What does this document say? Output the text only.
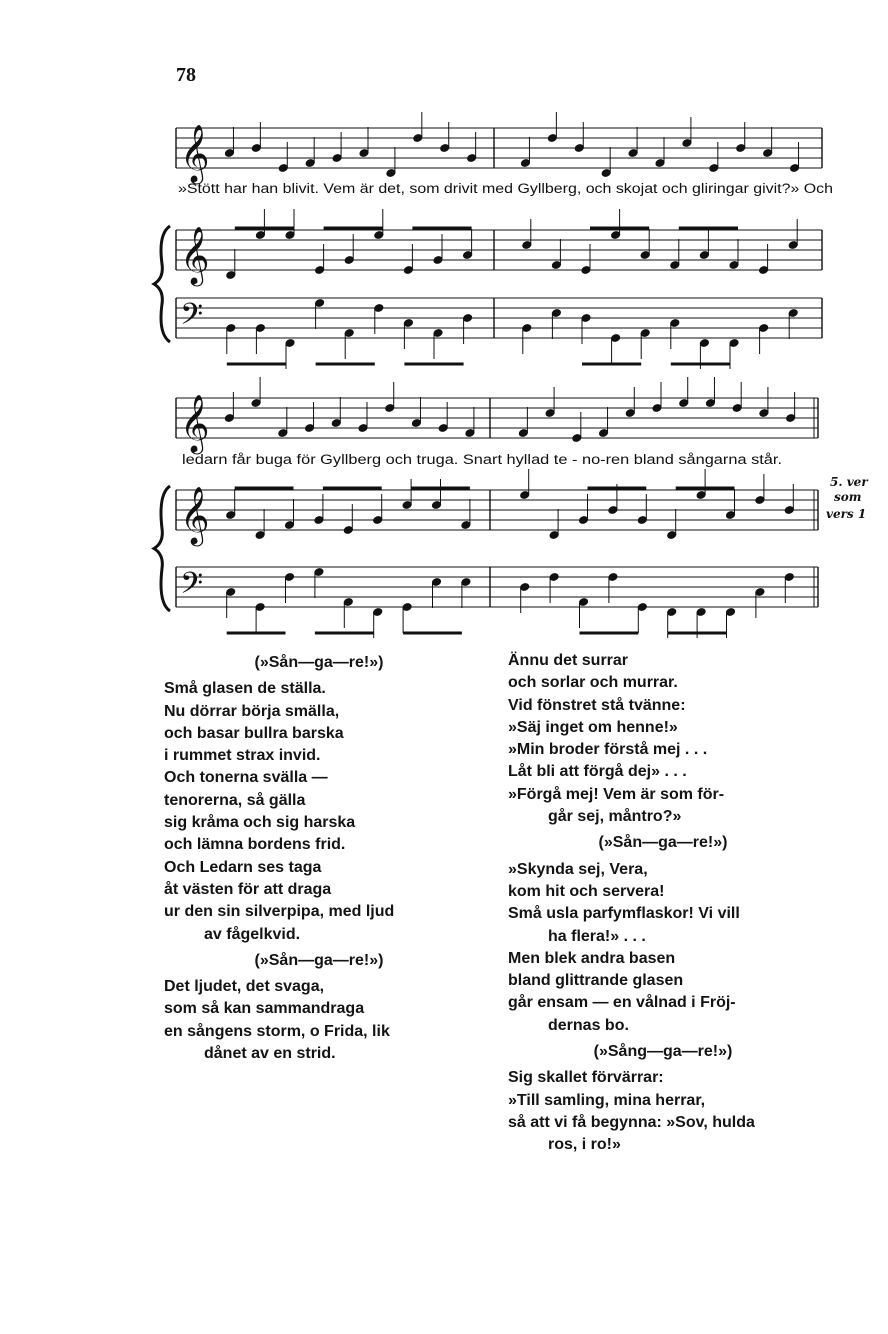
78
𝄞
𝄞
𝄢
𝄞
𝄞
𝄢
»Stött har han blivit. Vem är det, som drivit med Gyllberg, och skojat och gliringar givit?» Och
ledarn får buga för Gyllberg och truga. Snart hyllad te - no-ren bland sångarna står.
5. ver
som
vers 1
(»Sån—ga—re!»)
Små glasen de ställa.
Nu dörrar börja smälla,
och basar bullra barska
i rummet strax invid.
Och tonerna svälla —
tenorerna, så gälla
sig kråma och sig harska
och lämna bordens frid.
Och Ledarn ses taga
åt västen för att draga
ur den sin silverpipa, med ljud
av fågelkvid.
(»Sån—ga—re!»)
Det ljudet, det svaga,
som så kan sammandraga
en sångens storm, o Frida, lik
dånet av en strid.
Ännu det surrar
och sorlar och murrar.
Vid fönstret stå tvänne:
»Säj inget om henne!»
»Min broder förstå mej . . .
Låt bli att förgå dej» . . .
»Förgå mej! Vem är som för-
går sej, måntro?»
(»Sån—ga—re!»)
»Skynda sej, Vera,
kom hit och servera!
Små usla parfymflaskor! Vi vill
ha flera!» . . .
Men blek andra basen
bland glittrande glasen
går ensam — en vålnad i Fröj-
dernas bo.
(»Sång—ga—re!»)
Sig skallet förvärrar:
»Till samling, mina herrar,
så att vi få begynna: »Sov, hulda
ros, i ro!»
